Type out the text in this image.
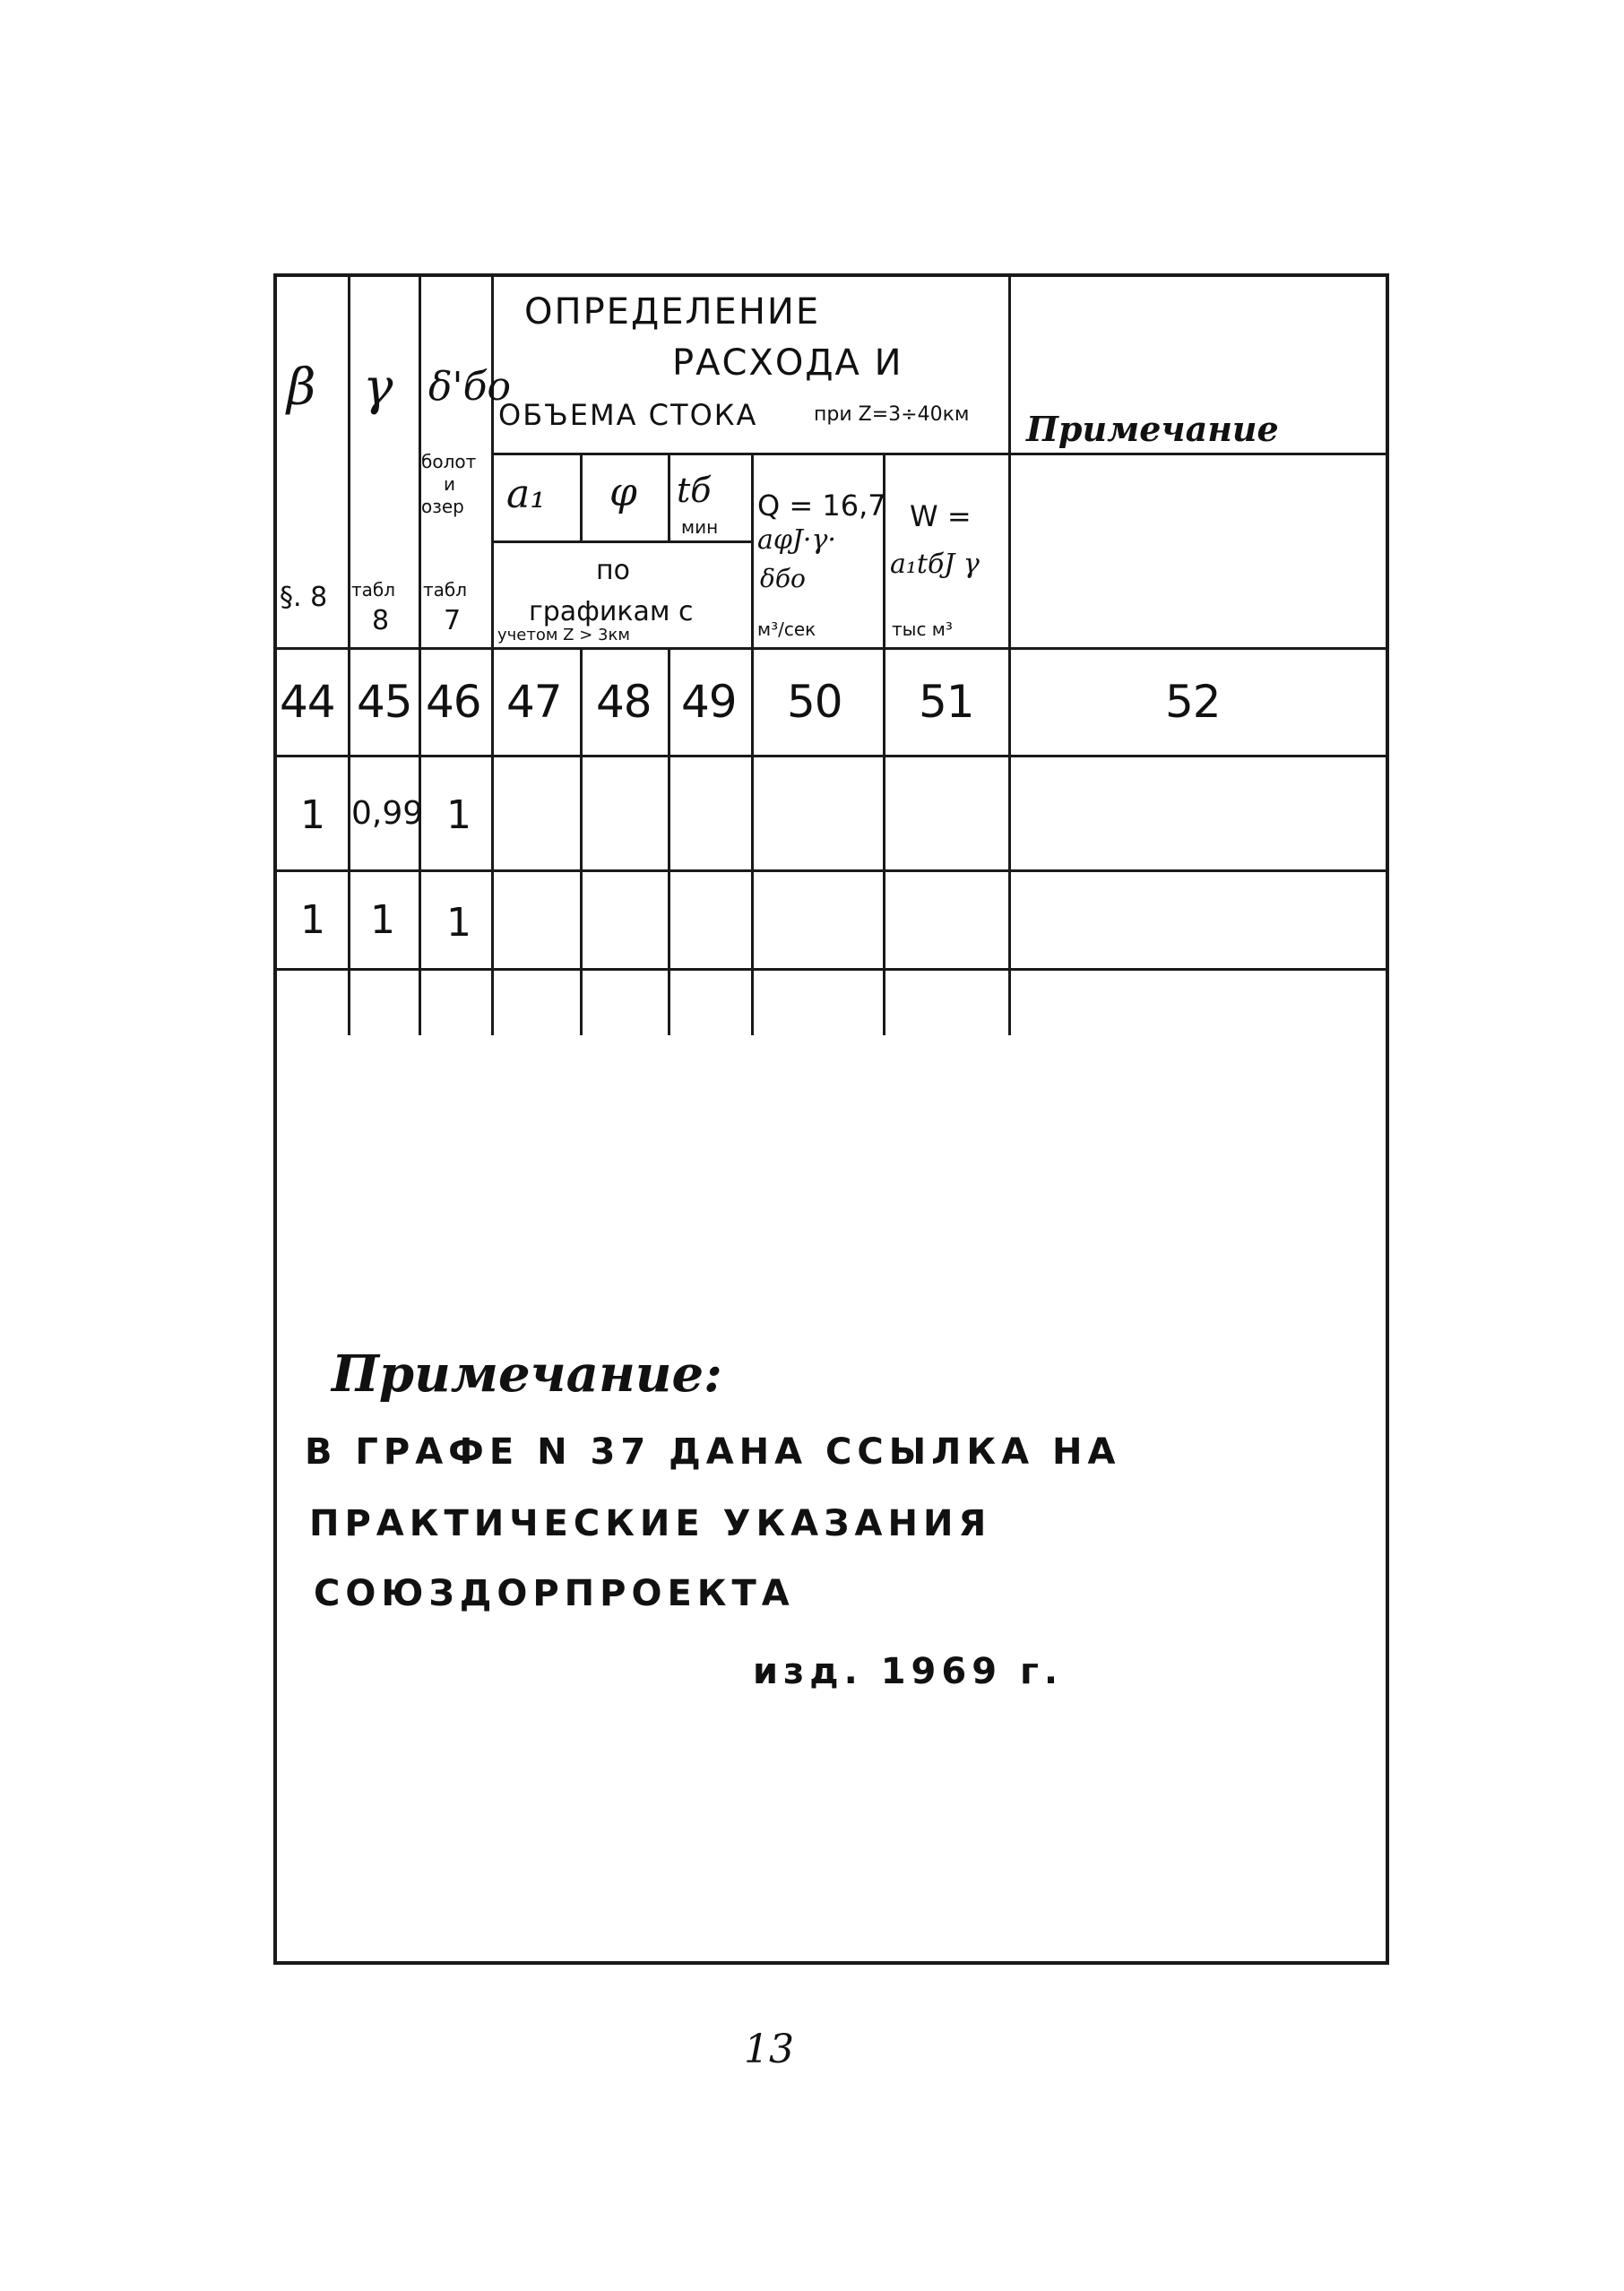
β γ δ'бо
болот
и
озер
§. 8 табл
8
табл
7
ОПРЕДЕЛЕНИЕ
РАСХОДА И
ОБЪЕМА СТОКА	при Z=3÷40км Примечание
a₁ φ tб
мин
по
графикам с
учетом Z > 3км
Q = 16,7
aφJ·γ·
δбо
м³/сек
W =
a₁tбJ γ
тыс м³
44 45 46 47 48 49 50 51	52
1 0,99 1
1 1 1
Примечание:
В ГРАФЕ N 37 ДАНА ССЫЛКА НА
ПРАКТИЧЕСКИЕ УКАЗАНИЯ
СОЮЗДОРПРОЕКТА
изд. 1969 г.
13
